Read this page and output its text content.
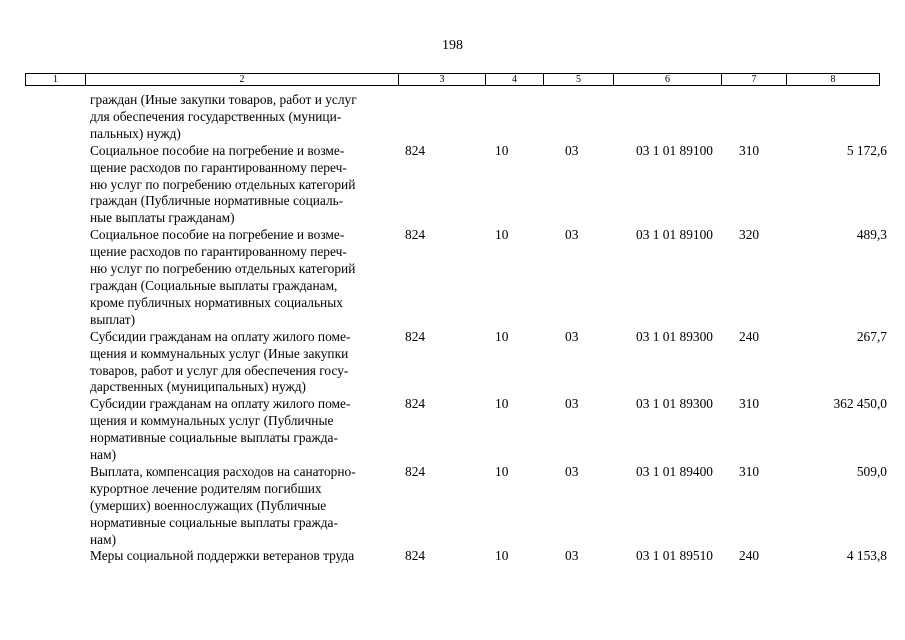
198
1	2	3	4	5	6	7	8
граждан (Иные закупки товаров, работ и услуг
для обеспечения государственных (муници-
пальных) нужд)
Социальное пособие на погребение и возме-
щение расходов по гарантированному переч-
ню услуг по погребению отдельных категорий
граждан (Публичные нормативные социаль-
ные выплаты гражданам)
824	10	03	03 1 01 89100	310	5 172,6
Социальное пособие на погребение и возме-
щение расходов по гарантированному переч-
ню услуг по погребению отдельных категорий
граждан (Социальные выплаты гражданам,
кроме публичных нормативных социальных
выплат)
824	10	03	03 1 01 89100	320	489,3
Субсидии гражданам на оплату жилого поме-
щения и коммунальных услуг (Иные закупки
товаров, работ и услуг для обеспечения госу-
дарственных (муниципальных) нужд)
824	10	03	03 1 01 89300	240	267,7
Субсидии гражданам на оплату жилого поме-
щения и коммунальных услуг (Публичные
нормативные социальные выплаты гражда-
нам)
824	10	03	03 1 01 89300	310	362 450,0
Выплата, компенсация расходов на санаторно-
курортное лечение родителям погибших
(умерших) военнослужащих (Публичные
нормативные социальные выплаты гражда-
нам)
824	10	03	03 1 01 89400	310	509,0
Меры социальной поддержки ветеранов труда	824	10	03	03 1 01 89510	240	4 153,8
